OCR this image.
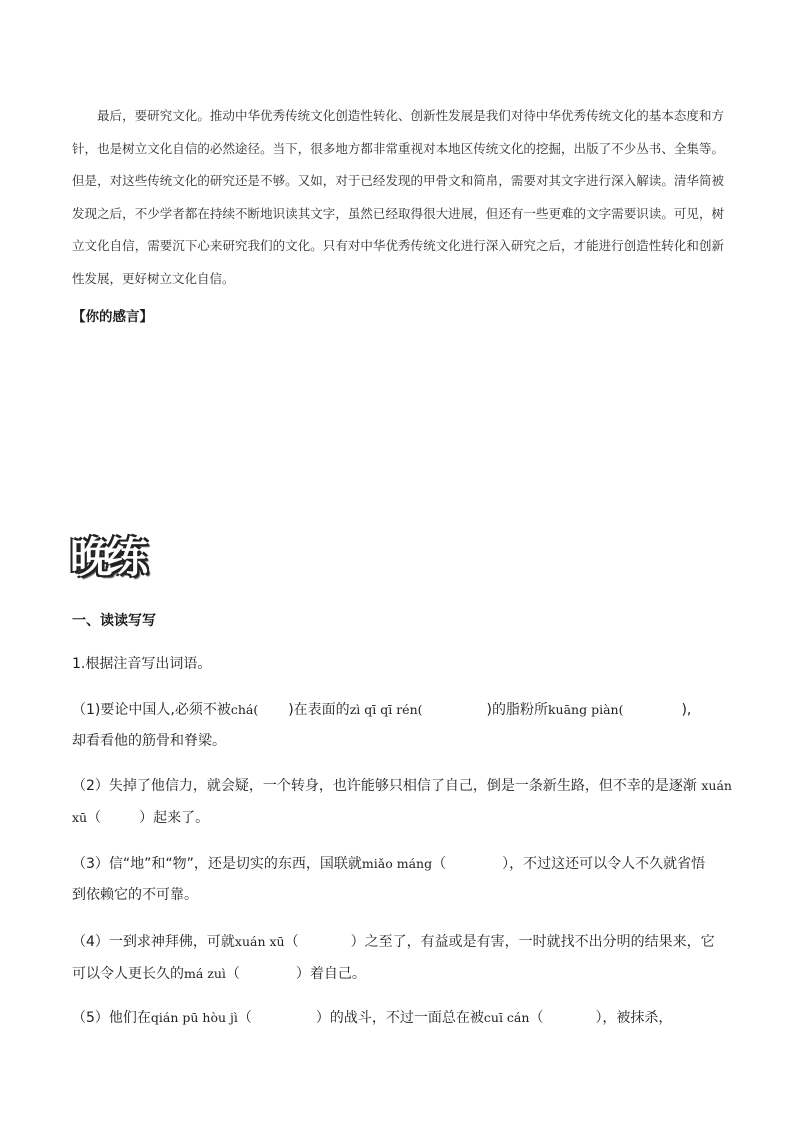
最后，要研究文化。推动中华优秀传统文化创造性转化、创新性发展是我们对待中华优秀传统文化的基本态度和方针，也是树立文化自信的必然途径。当下，很多地方都非常重视对本地区传统文化的挖掘，出版了不少丛书、全集等。但是，对这些传统文化的研究还是不够。又如，对于已经发现的甲骨文和简帛，需要对其文字进行深入解读。清华简被发现之后，不少学者都在持续不断地识读其文字，虽然已经取得很大进展，但还有一些更难的文字需要识读。可见，树立文化自信，需要沉下心来研究我们的文化。只有对中华优秀传统文化进行深入研究之后，才能进行创造性转化和创新性发展，更好树立文化自信。
【你的感言】
晚练
一、读读写写
1.根据注音写出词语。
（1)要论中国人,必须不被chá( )在表面的zì qī qī rén(	)的脂粉所kuāng piàn(	),
却看看他的筋骨和脊梁。
（2）失掉了他信力，就会疑，一个转身，也许能够只相信了自己，倒是一条新生路，但不幸的是逐渐 xuán
xū（	）起来了。
（3）信“地”和“物”，还是切实的东西，国联就miǎo máng（	），不过这还可以令人不久就省悟
到依赖它的不可靠。
（4）一到求神拜佛，可就xuán xū（	）之至了，有益或是有害，一时就找不出分明的结果来，它
可以令人更长久的má zuì（	）着自己。
（5）他们在qián pū hòu jì（	）的战斗，不过一面总在被cuī cán（	），被抹杀，
